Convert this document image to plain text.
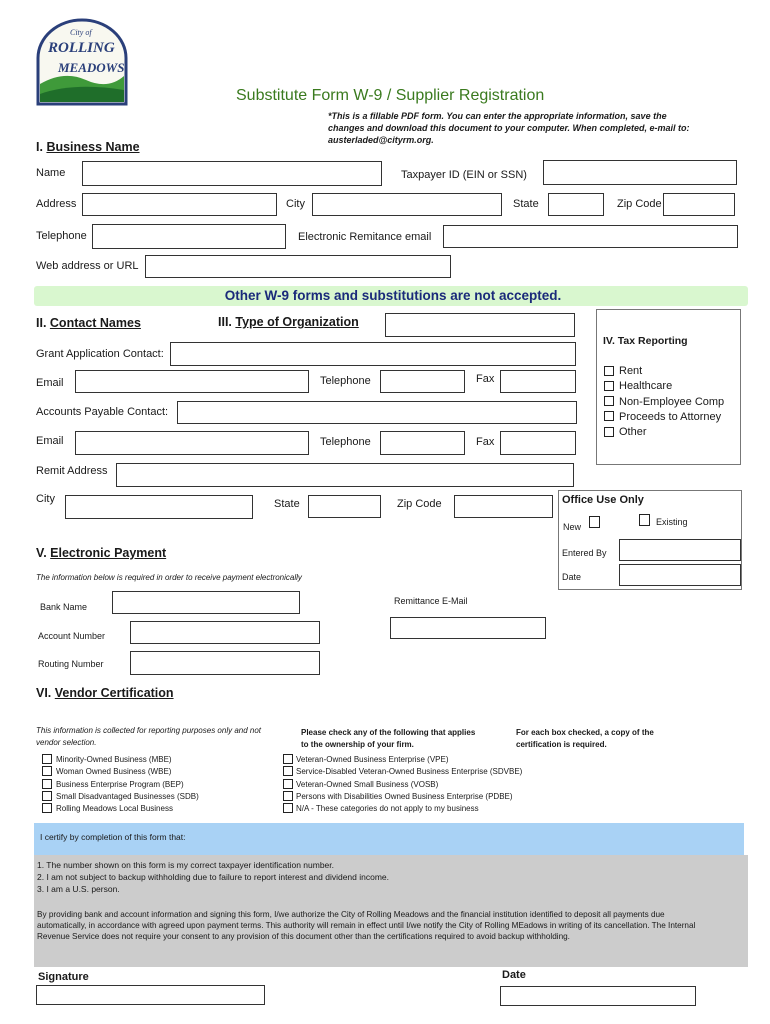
City of
ROLLING
MEADOWS
Substitute Form W-9 / Supplier Registration
*This is a fillable PDF form. You can enter the appropriate information, save the changes and download this document to your computer. When completed, e-mail to: austerladed@cityrm.org.
I. Business Name
Name	Taxpayer ID (EIN or SSN)
Address	City	State	Zip Code
Telephone	Electronic Remitance email
Web address or URL
Other W-9 forms and substitutions are not accepted.
II. Contact Names	III. Type of Organization
Grant Application Contact:
Email	Telephone	Fax
Accounts Payable Contact:
Email	Telephone	Fax
Remit Address
City	State	Zip Code
IV. Tax Reporting
Rent
Healthcare
Non-Employee Comp
Proceeds to Attorney
Other
Office Use Only
New	Existing
Entered By
Date
V. Electronic Payment
The information below is required in order to receive payment electronically
Bank Name
Remittance E-Mail
Account Number
Routing Number
VI. Vendor Certification
This information is collected for reporting purposes only and not vendor selection.
Please check any of the following that applies to the ownership of your firm.
For each box checked, a copy of the certification is required.
Minority-Owned Business (MBE)
Woman Owned Business (WBE)
Business Enterprise Program (BEP)
Small Disadvantaged Businesses (SDB)
Rolling Meadows Local Business
Veteran-Owned Business Enterprise (VPE)
Service-Disabled Veteran-Owned Business Enterprise (SDVBE)
Veteran-Owned Small Business (VOSB)
Persons with Disabilities Owned Business Enterprise (PDBE)
N/A - These categories do not apply to my business
I certify by completion of this form that:
1. The number shown on this form is my correct taxpayer identification number.
2. I am not subject to backup withholding due to failure to report interest and dividend income.
3. I am a U.S. person.
By providing bank and account information and signing this form, I/we authorize the City of Rolling Meadows and the financial institution identified to deposit all payments due automatically, in accordance with agreed upon payment terms. This authority will remain in effect until I/we notify the City of Rolling MEadows in writing of its cancellation. The Internal Revenue Service does not require your consent to any provision of this document other than the certifications required to avoid backup withholding.
Signature	Date
